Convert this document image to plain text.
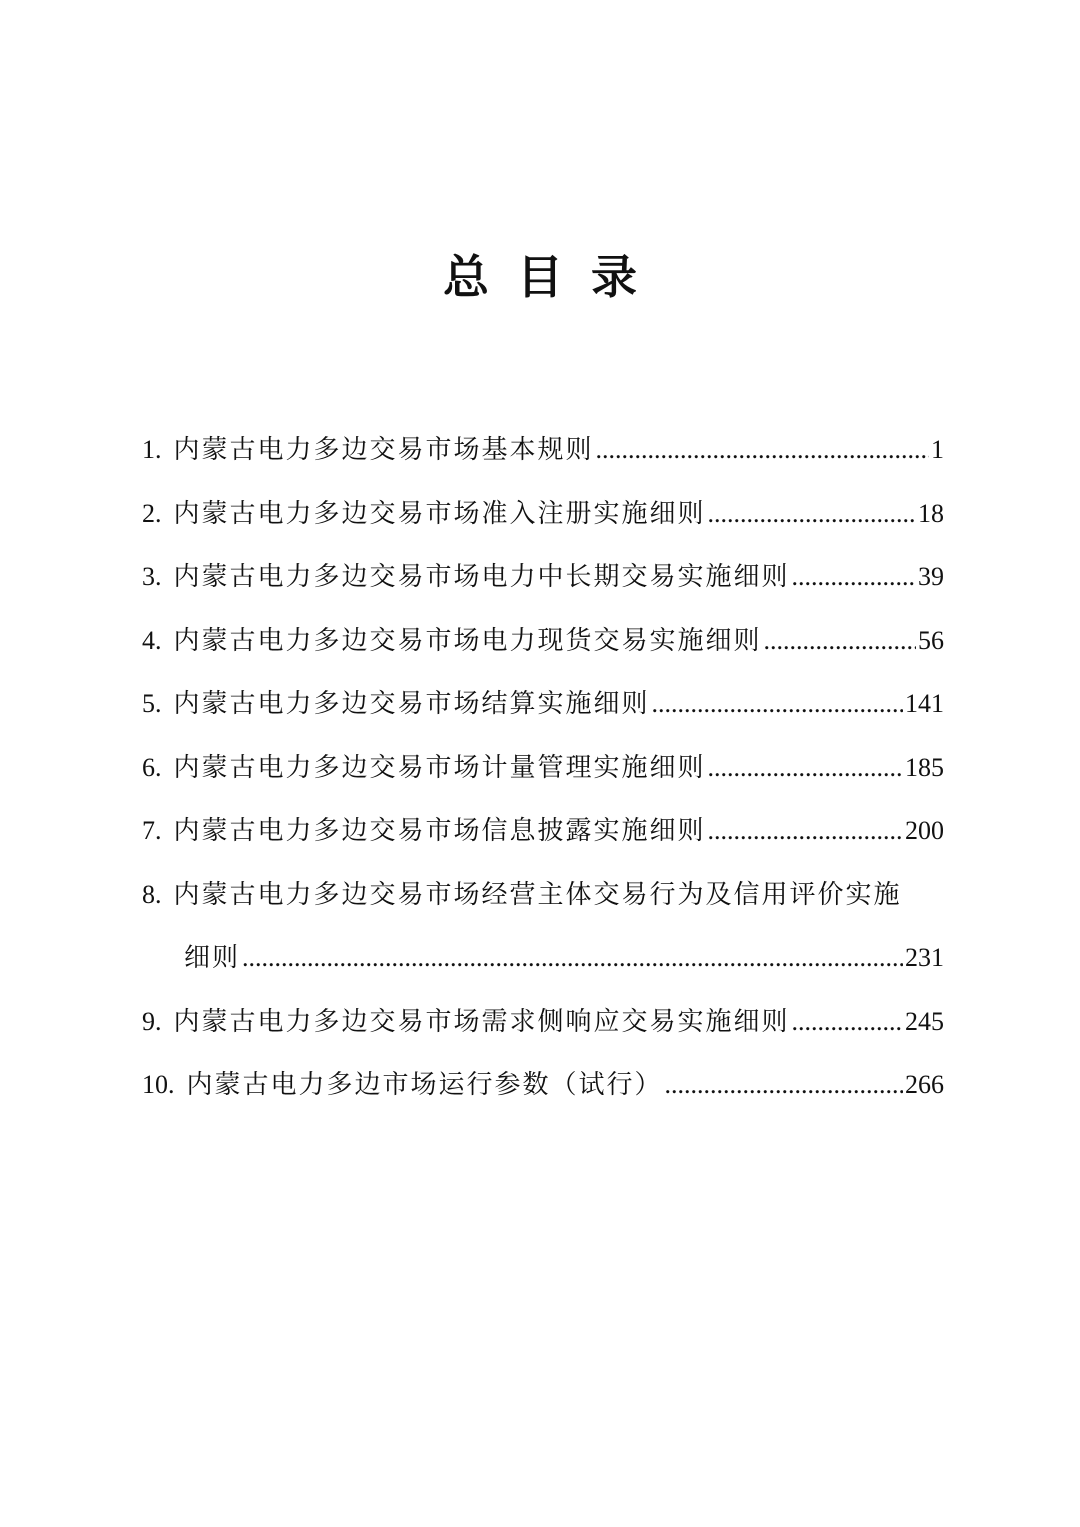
总目录
1. 内蒙古电力多边交易市场基本规则 .....	1
2. 内蒙古电力多边交易市场准入注册实施细则 .....	18
3. 内蒙古电力多边交易市场电力中长期交易实施细则 .....	39
4. 内蒙古电力多边交易市场电力现货交易实施细则 .....	56
5. 内蒙古电力多边交易市场结算实施细则 .....	141
6. 内蒙古电力多边交易市场计量管理实施细则 .....	185
7. 内蒙古电力多边交易市场信息披露实施细则 .....	200
8. 内蒙古电力多边交易市场经营主体交易行为及信用评价实施
细则 .....	231
9. 内蒙古电力多边交易市场需求侧响应交易实施细则 .....	245
10. 内蒙古电力多边市场运行参数（试行） .....	266
